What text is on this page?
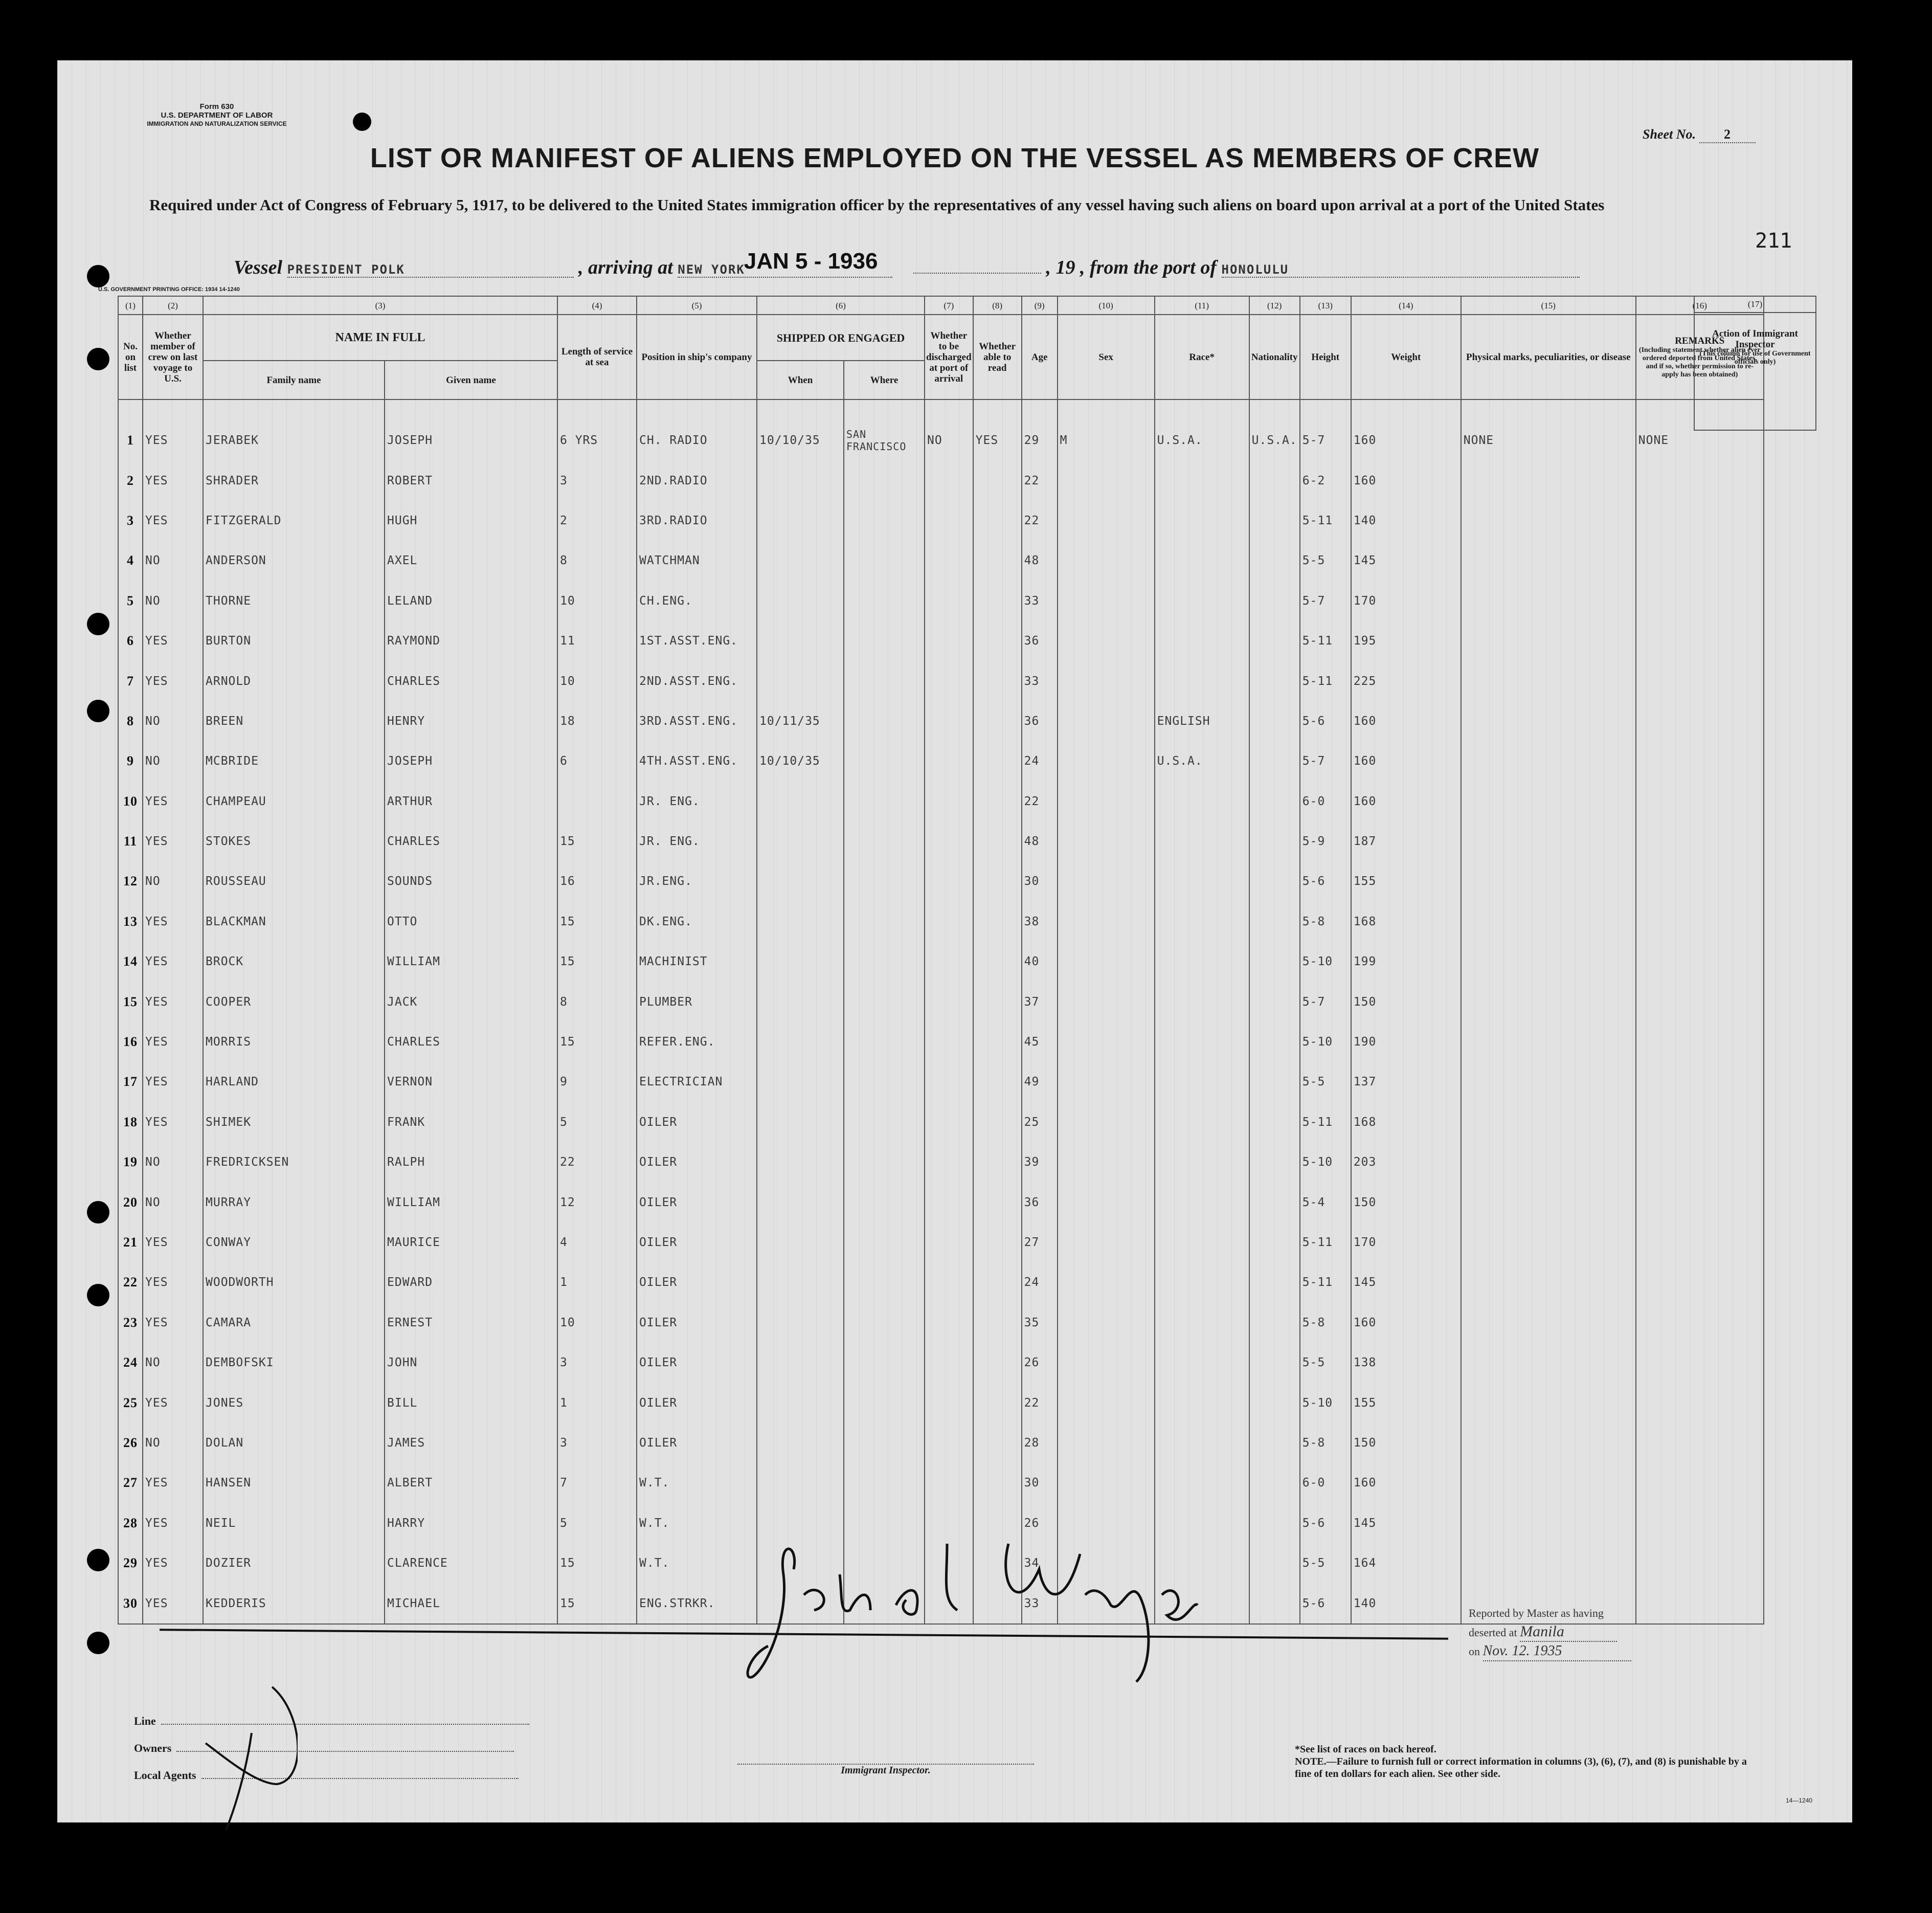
Form 630
U.S. DEPARTMENT OF LABOR
IMMIGRATION AND NATURALIZATION SERVICE
Sheet No. 2
LIST OR MANIFEST OF ALIENS EMPLOYED ON THE VESSEL AS MEMBERS OF CREW
Required under Act of Congress of February 5, 1917, to be delivered to the United States immigration officer by the representatives of any vessel having such aliens on board upon arrival at a port of the United States
211
Vessel PRESIDENT POLK	, arriving at NEW YORK JAN 5 - 1936	, 19 , from the port of HONOLULU
U.S. GOVERNMENT PRINTING OFFICE: 1934 14-1240
(1)	(2)	(3)		(4)	(5)	(6)		(7)	(8)	(9)	(10)	(11)	(12)	(13)	(14)	(15)	(16)
No. on list	Whether member of crew on last voyage to U.S.	NAME IN FULL		Length of service at sea	Position in ship's company	SHIPPED OR ENGAGED		Whether to be discharged at port of arrival	Whether able to read	Age	Sex	Race*	Nationality	Height	Weight	Physical marks, peculiarities, or disease	REMARKS
(Including statement whether alien ever ordered deported from United States, and if so, whether permission to re-apply has been obtained)

		Family name	Given name			When	Where										

1	YES	JERABEK	JOSEPH	6 YRS	CH. RADIO	10/10/35	SAN FRANCISCO	NO	YES	29	M	U.S.A.	U.S.A.	5-7	160	NONE	NONE
2	YES	SHRADER	ROBERT	3	2ND.RADIO					22				6-2	160		
3	YES	FITZGERALD	HUGH	2	3RD.RADIO					22				5-11	140		
4	NO	ANDERSON	AXEL	8	WATCHMAN					48				5-5	145		
5	NO	THORNE	LELAND	10	CH.ENG.					33				5-7	170		
6	YES	BURTON	RAYMOND	11	1ST.ASST.ENG.					36				5-11	195		
7	YES	ARNOLD	CHARLES	10	2ND.ASST.ENG.					33				5-11	225		
8	NO	BREEN	HENRY	18	3RD.ASST.ENG.	10/11/35				36		ENGLISH		5-6	160		
9	NO	MCBRIDE	JOSEPH	6	4TH.ASST.ENG.	10/10/35				24		U.S.A.		5-7	160		
10	YES	CHAMPEAU	ARTHUR		JR. ENG.					22				6-0	160		
11	YES	STOKES	CHARLES	15	JR. ENG.					48				5-9	187		
12	NO	ROUSSEAU	SOUNDS	16	JR.ENG.					30				5-6	155		
13	YES	BLACKMAN	OTTO	15	DK.ENG.					38				5-8	168		
14	YES	BROCK	WILLIAM	15	MACHINIST					40				5-10	199		
15	YES	COOPER	JACK	8	PLUMBER					37				5-7	150		
16	YES	MORRIS	CHARLES	15	REFER.ENG.					45				5-10	190		
17	YES	HARLAND	VERNON	9	ELECTRICIAN					49				5-5	137		
18	YES	SHIMEK	FRANK	5	OILER					25				5-11	168		
19	NO	FREDRICKSEN	RALPH	22	OILER					39				5-10	203		
20	NO	MURRAY	WILLIAM	12	OILER					36				5-4	150		
21	YES	CONWAY	MAURICE	4	OILER					27				5-11	170		
22	YES	WOODWORTH	EDWARD	1	OILER					24				5-11	145		
23	YES	CAMARA	ERNEST	10	OILER					35				5-8	160		
24	NO	DEMBOFSKI	JOHN	3	OILER					26				5-5	138		
25	YES	JONES	BILL	1	OILER					22				5-10	155		
26	NO	DOLAN	JAMES	3	OILER					28				5-8	150		
27	YES	HANSEN	ALBERT	7	W.T.					30				6-0	160		
28	YES	NEIL	HARRY	5	W.T.					26				5-6	145		
29	YES	DOZIER	CLARENCE	15	W.T.					34				5-5	164		
30	YES	KEDDERIS	MICHAEL	15	ENG.STRKR.					33				5-6	140		
(17)
Action of Immigrant Inspector
(This column for use of Government officials only)
Reported by Master as having
deserted at Manila
on Nov. 12. 1935
Line
Owners
Local Agents	Immigrant Inspector.
*See list of races on back hereof.
NOTE.—Failure to furnish full or correct information in columns (3), (6), (7), and (8) is punishable by a fine of ten dollars for each alien. See other side.
14—1240
